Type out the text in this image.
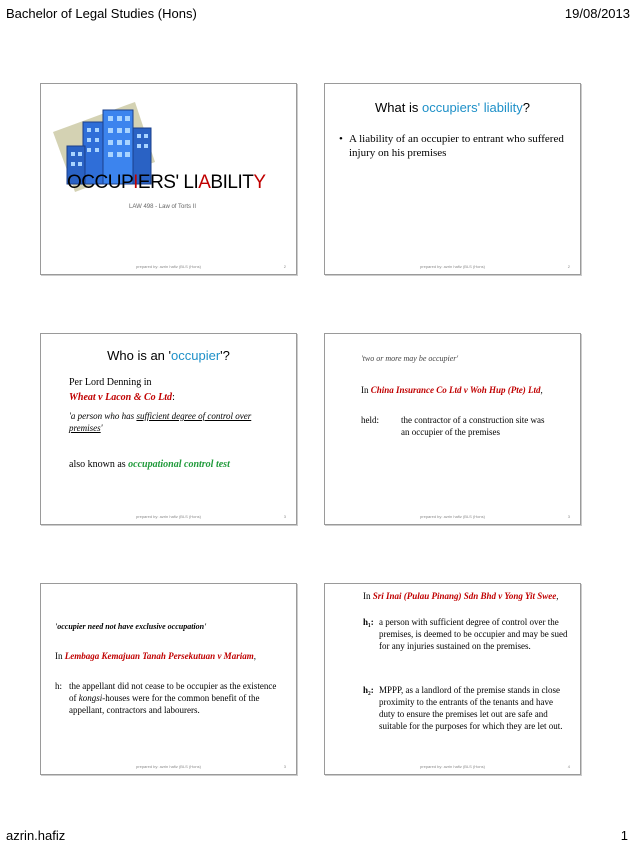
Bachelor of Legal Studies (Hons)	19/08/2013
OCCUPIERS' LIABILITY
LAW 498 - Law of Torts II
prepared by: azrin hafiz (BLS (Hons)	2
What is occupiers' liability?
• A liability of an occupier to entrant who suffered injury on his premises
prepared by: azrin hafiz (BLS (Hons)	2
Who is an 'occupier'?
Per Lord Denning in
Wheat v Lacon & Co Ltd:
'a person who has sufficient degree of control over premises'
also known as occupational control test
prepared by: azrin hafiz (BLS (Hons)	3
'two or more may be occupier'
In China Insurance Co Ltd v Woh Hup (Pte) Ltd,
held: the contractor of a construction site was an occupier of the premises
prepared by: azrin hafiz (BLS (Hons)	3
'occupier need not have exclusive occupation'
In Lembaga Kemajuan Tanah Persekutuan v Mariam,
h: the appellant did not cease to be occupier as the existence of kongsi-houses were for the common benefit of the appellant, contractors and labourers.
prepared by: azrin hafiz (BLS (Hons)	3
In Sri Inai (Pulau Pinang) Sdn Bhd v Yong Yit Swee,
h₁: a person with sufficient degree of control over the premises, is deemed to be occupier and may be sued for any injuries sustained on the premises.
h₂: MPPP, as a landlord of the premise stands in close proximity to the entrants of the tenants and have duty to ensure the premises let out are safe and suitable for the purposes for which they are let out.
prepared by: azrin hafiz (BLS (Hons)	4
azrin.hafiz	1
